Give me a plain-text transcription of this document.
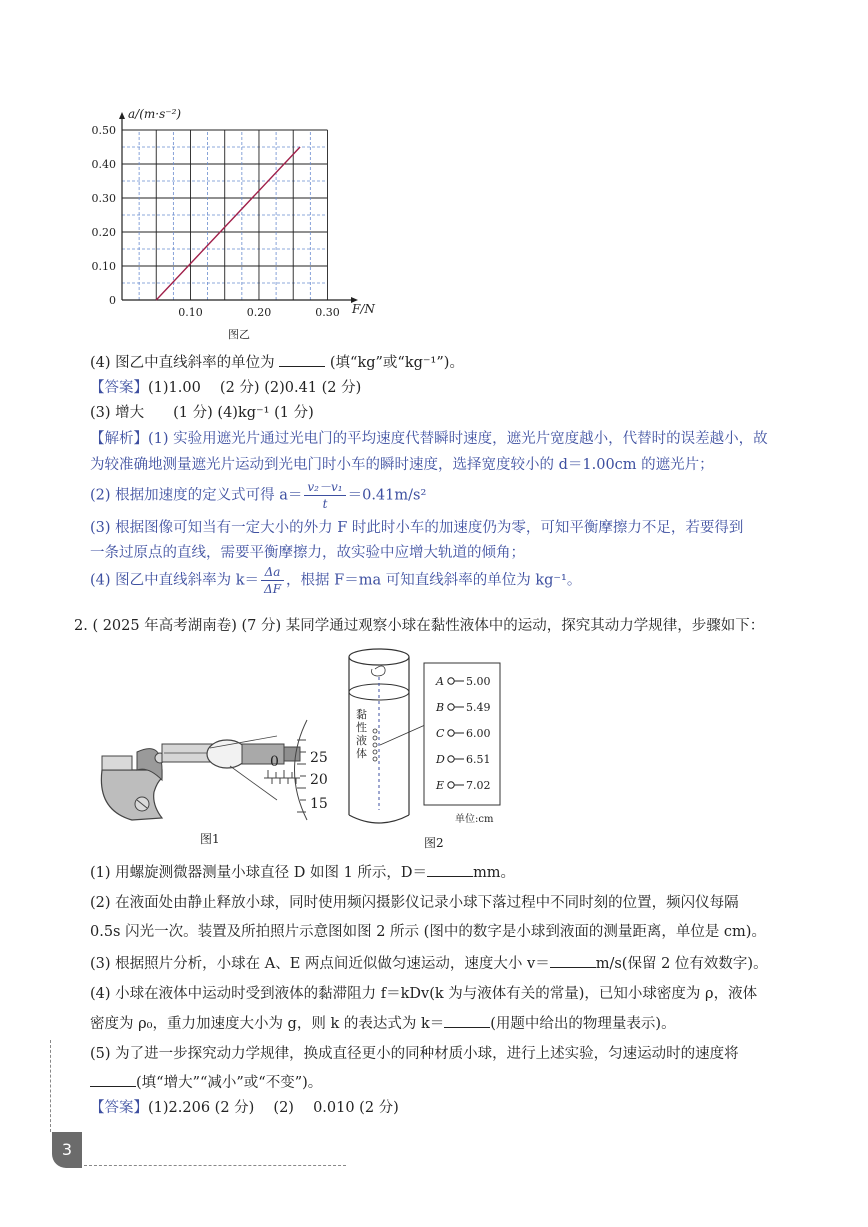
0
0.10
0.20
0.30
0.40
0.50
0.10	0.20	0.30
a/(m·s⁻²)
F/N
图乙
(4) 图乙中直线斜率的单位为	(填“kg”或“kg⁻¹”)。
【答案】(1)1.00　 (2 分) (2)0.41 (2 分)
(3) 增大　　(1 分) (4)kg⁻¹ (1 分)
【解析】(1) 实验用遮光片通过光电门的平均速度代替瞬时速度，遮光片宽度越小，代替时的误差越小，故
为较准确地测量遮光片运动到光电门时小车的瞬时速度，选择宽度较小的 d＝1.00cm 的遮光片；
(2) 根据加速度的定义式可得 $a= \frac{\text{v₂－v₁}}{t} =0.41m/s^2$
(3) 根据图像可知当有一定大小的外力 F 时此时小车的加速度仍为零，可知平衡摩擦力不足，若要得到
一条过原点的直线，需要平衡摩擦力，故实验中应增大轨道的倾角；
(4) 图乙中直线斜率为 $k= \frac{\Delta a}{\Delta F}$ ，根据 F＝ma 可知直线斜率的单位为 kg⁻¹。
2. ( 2025 年高考湖南卷) (7 分) 某同学通过观察小球在黏性液体中的运动，探究其动力学规律，步骤如下：
0 25
20
15
图1
A 5.00
B 5.49
C 6.00
D 6.51
E 7.02
黏性液体
单位:cm
图2
(1) 用螺旋测微器测量小球直径 D 如图 1 所示，D＝	mm。
(2) 在液面处由静止释放小球，同时使用频闪摄影仪记录小球下落过程中不同时刻的位置，频闪仪每隔
0.5s 闪光一次。装置及所拍照片示意图如图 2 所示 (图中的数字是小球到液面的测量距离，单位是 cm)。
(3) 根据照片分析，小球在 A、E 两点间近似做匀速运动，速度大小 v＝	m/s(保留 2 位有效数字)。
(4) 小球在液体中运动时受到液体的黏滞阻力 f＝kDv(k 为与液体有关的常量)，已知小球密度为 ρ，液体
密度为 ρ₀，重力加速度大小为 g，则 k 的表达式为 k＝	(用题中给出的物理量表示)。
(5) 为了进一步探究动力学规律，换成直径更小的同种材质小球，进行上述实验，匀速运动时的速度将
(填“增大”“减小”或“不变”)。
【答案】(1)2.206 (2 分)　 (2)　 0.010 (2 分)
3
